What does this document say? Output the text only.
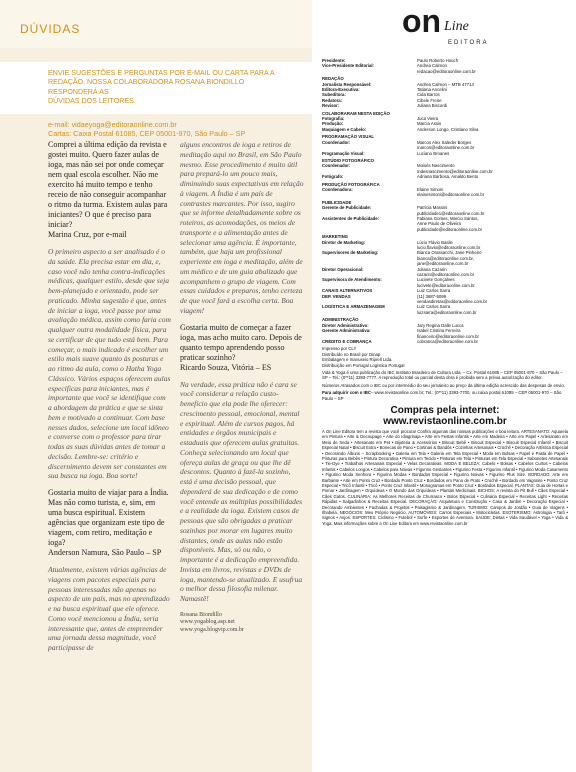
DÚVIDAS

ENVIE SUGESTÕES E PERGUNTAS POR E-MAIL OU CARTA PARA A

REDAÇÃO. NOSSA COLABORADORA ROSANA BIONDILLO RESPONDERÁ AS

DÚVIDAS DOS LEITORES.

e-mail: vidaeyoga@editoraonline.com.br
Cartas: Caixa Postal 61085, CEP 05001-970, São Paulo – SP

Comprei a última edição da revista e gostei muito. Quero fazer aulas de ioga, mas não sei por onde começar nem qual escola escolher. Não me exercito há muito tempo e tenho receio de não conseguir acompanhar o ritmo da turma. Existem aulas para iniciantes? O que é preciso para iniciar?
Marina Cruz, por e-mail

O primeiro aspecto a ser analisado é o da saúde. Ela precisa estar em dia, e, caso você não tenha contra-indicações médicas, qualquer estilo, desde que seja bem-planejado e orientado, pode ser praticado. Minha sugestão é que, antes de iniciar a ioga, você passe por uma avaliação médica, assim como faria com qualquer outra modalidade física, para se certificar de que tudo está bem. Para começar, o mais indicado é escolher um estilo mais suave quanto às posturas e ao ritmo da aula, como o Hatha Yoga Clássico. Vários espaços oferecem aulas específicas para iniciantes, mas é importante que você se identifique com a abordagem da prática e que se sinta bem e motivado a continuar. Com base nesses dados, selecione um local idôneo e converse com o professor para tirar todas as suas dúvidas antes de tomar a decisão. Lembre-se: critério e discernimento devem ser constantes em sua busca na ioga. Boa sorte!

Gostaria muito de viajar para a Índia. Mas não como turista, e, sim, em uma busca espiritual. Existem agências que organizam este tipo de viagem, com retiro, meditação e ioga?
Anderson Namura, São Paulo – SP

Atualmente, existem várias agências de viagens com pacotes especiais para pessoas interessadas não apenas no aspecto de um país, mas no aprendizado e na busca espiritual que ele oferece. Como você mencionou a Índia, seria interessante que, antes de empreender uma jornada dessa magnitude, você participasse de

alguns encontros de ioga e retiros de meditação aqui no Brasil, em São Paulo mesmo. Esse procedimento é muito útil para prepará-lo um pouco mais, diminuindo suas expectativas em relação à viagem. A Índia é um país de contrastes marcantes. Por isso, sugiro que se informe detalhadamente sobre os roteiros, as acomodações, os meios de transporte e a alimentação antes de selecionar uma agência. É importante, também, que haja um profissional experiente em ioga e meditação, além de um médico e de um guia abalizado que acompanhem o grupo de viagem. Com essas cuidados e preparos, tenho certeza de que você fará a escolha certa. Boa viagem!

Gostaria muito de começar a fazer ioga, mas acho muito caro. Depois de quanto tempo aprendendo posso praticar sozinho?
Ricardo Souza, Vitória – ES

Na verdade, essa prática não é cara se você considerar a relação custo-benefício que ela pode lhe oferecer: crescimento pessoal, emocional, mental e espiritual. Além de cursos pagos, há entidades e órgãos municipais e estaduais que oferecem aulas gratuitas. Conheça selecionando um local que ofereça aulas de graça ou que lhe dê descontos. Quanto à fazê-la sozinho, está é uma decisão pessoal, que dependerá de sua dedicação e de como você entende as múltiplas possibilidades e a realidade da ioga. Existem casos de pessoas que são obrigadas a praticar sozinhas por morar em lugares muito distantes, onde as aulas não estão disponíveis. Mas, só ou não, o importante é a dedicação empreendida. Invista em livros, revistas e DVDs de ioga, mantendo-se atualizado. E usufrua o melhor dessa filosofia milenar. Namastê!

Rosana Biondillo
www.yogablog.asp.net
www.yoga.blogvip.com.br
on Line
EDITORA
Presidente:	Paulo Roberto Houch
Vice-Presidente Editorial:	Andrea Calmon
redacao@editoraonline.com.br
REDAÇÃO
Jornalista Responsável:	Andrea Calmon – MTB 47714
Editora-Executiva:	Tatiana Ancelini
Subeditora:	Cida Barros
Redatora:	Cibele Freire
Revisor:	Juliana Biscordi
COLABORARAM NESTA EDIÇÃO
Fotografia:	Juca Vieira
Produção:	Marcia Assis
Maquiagem e Cabelo:	Anderson Longo, Cristiano Silva
PROGRAMAÇÃO VISUAL
Coordenador:	Marcos Alex Saleder Borges
marcos@editoraonline.com.br
Programação Visual:	Luciano Broanes
ESTÚDIO FOTOGRÁFICO
Coordenador:	Moisés Nascimento
mdesnascimento@editoraonline.com.br
Fotógrafo:	Adriana Barbosa, Amaldo Bento
PRODUÇÃO FOTOGRÁFICA
Coordenadora:	Elaine Simoni
elainesimoni@editoraonline.com.br
PUBLICIDADE
Gerente de Publicidade:	Patrícia Massini
publicidade1@editoraonline.com.br
Assistentes de Publicidade:	Fabiana Gomes, Marcio Santos,
Anne Paulo de Oliveira
publicidade@editoraonline.com.br
MARKETING
Diretor de Marketing:	Lúcio Flávio Basile
lucio.flavio@editoraonline.com.br
Supervisores de Marketing:	Bianca Orassacchi, Jane Pinheiro
bianca@editoraonline.com.br,
jane@editoraonline.com.br
Diretor Operacional:	Juliana Cazarin
cazarin@editoraonline.com.br
Supervisora de Atendimento:	Lucivete Gonçalves
lucivete@editoraonline.com.br
CANAIS ALTERNATIVOS	Luiz Carlos Sarra
DEP. VENDAS	(11) 3687-5099
vendasdiretas@editoraonline.com.br
LOGÍSTICA E ARMAZENAGEM	Luiz Carlos Sarra
luizsarra@editoraonline.com.br
ADMINISTRAÇÃO
Diretor Administrativo:	Jary Regina Dalle Lucca
Gerente Administrativa:	Isabel Cristina Ferreira
financeiro@editoraonline.com.br
CRÉDITO E COBRANÇA	cobranca@editoraonline.com.br
Impresso por CLY
Distribuído no Brasil por Dinap
Embalagem e manuseio Riprell Ltda.
Distribuição em Portugal Logística Portugal
Vida & Yoga é uma publicação do IBC Instituto Brasileiro de Cultura Ltda. – Cx. Postal 61085 – CEP 05001-970 – São Paulo – SP – Tel.: (0**11) 3393-7777. A reprodução total ou parcial desta obra é proibida sem a prévia autorização do editor.
Números Atrasados com o IBC ou por intermédio do seu jornaleiro ao preço da última edição acrescido das despesas de envio.
Para adquirir com o IBC– www.revistaonline.com.br; Tel.: (0**11) 3393-7700, ou caixa postal 61085 – CEP 05001-970 – São Paulo – SP
Compras pela internet:
www.revistaonline.com.br
A On Line Editora tem a revista que você procura! Confira algumas das nossas publicações e boa leitura. ARTESANATO: Aquarela em Pintura • Arte & Decoupage • Arte do Idiogrinaja • Arte em Festas Infantis • Arte em Madeira • Arte em Papel • Artesanato em Meia de Seda • Artesanato em Pet • Bijuteria & Acessórios • Biscuit Bebê • Biscuit Especial • Biscuit Especial Infantil • Biscuit Especial Natal • Biscuit Extra • Bonecas de Pano • Cortinas & Bandôs • Cozinhas Artesanais • Crochê • Decoração Artística Especial • Decorando Álbuns – Scrapbooking • Galeria em Tela • Galeria em Tela Especial • Moda em Bolsas • Papel e Pasta de Papel • Pinturas para Bebês • Pintura Decorativa • Pintura em Tecido • Pinturas em Tela • Pinturas em Tela Especial • Sabonetes Artesanais • Tie-Dye • Trabalhos Artesanais Especial • Velas Decorativas. MODA E BELEZA: Cabelo • Bolsas • Cabelos Curtos • Cabelos Infantis • Cabelos Longos • Cabelos para Noivas • Figurino Gestantes • Figurino Festa • Figurino Infantil • Figurino Moda Casamento • Figurino Moda Senhora • Figurino Modas • Bordados Especial • Figurino Noivas • Figurino Plus Size. BORDADO: Arte em Barbante • Arte em Ponto Cruz • Bordado Ponto Cruz • Bordados em Pano de Prato • Crochê • Bordado em Vagonite • Ponto Cruz Especial • Tricô Infantil • Tricô • Ponto Cruz Infantil • Monogramas em Ponto Cruz • Bordados Especial. PLANTAS: Guia de Hortas e Pomar • Jardinagem • Orquídeas • O Mundo das Orquídeas • Plantas Medicinais. BICHOS: A revista do Pit Bull • Cães Especial • Cães Gatos. CULINÁRIA: As Melhores Receitas de Churrasco • Bolos Especial • Culinária Especial • Receitas Light • Receitas Rápidas • Salgadinhos & Receitas Especial. DECORAÇÃO: Arquitetura e Construção • Casa & Jardim • Decoração Especial • Decorando Ambientes • Fachadas & Projetos • Paisagismo & Jardinagem. TURISMO: Campos do Jordão • Guia de Viagens • Ilhabela. NEGÓCIOS: Meu Próprio Negócio. AUTOMÓVEIS: Carros Especiais • Motocicletas. ESOTERISMO: Astrologia • Tarô • Signos • Anjos. ESPORTES: Ciclismo • Futebol • Surfe • Esportes de Aventura. SAÚDE: Dietas • Vida Saudável • Yoga • Vida & Yoga. Mais informações sobre a On Line Editora em www.revistaonline.com.br
